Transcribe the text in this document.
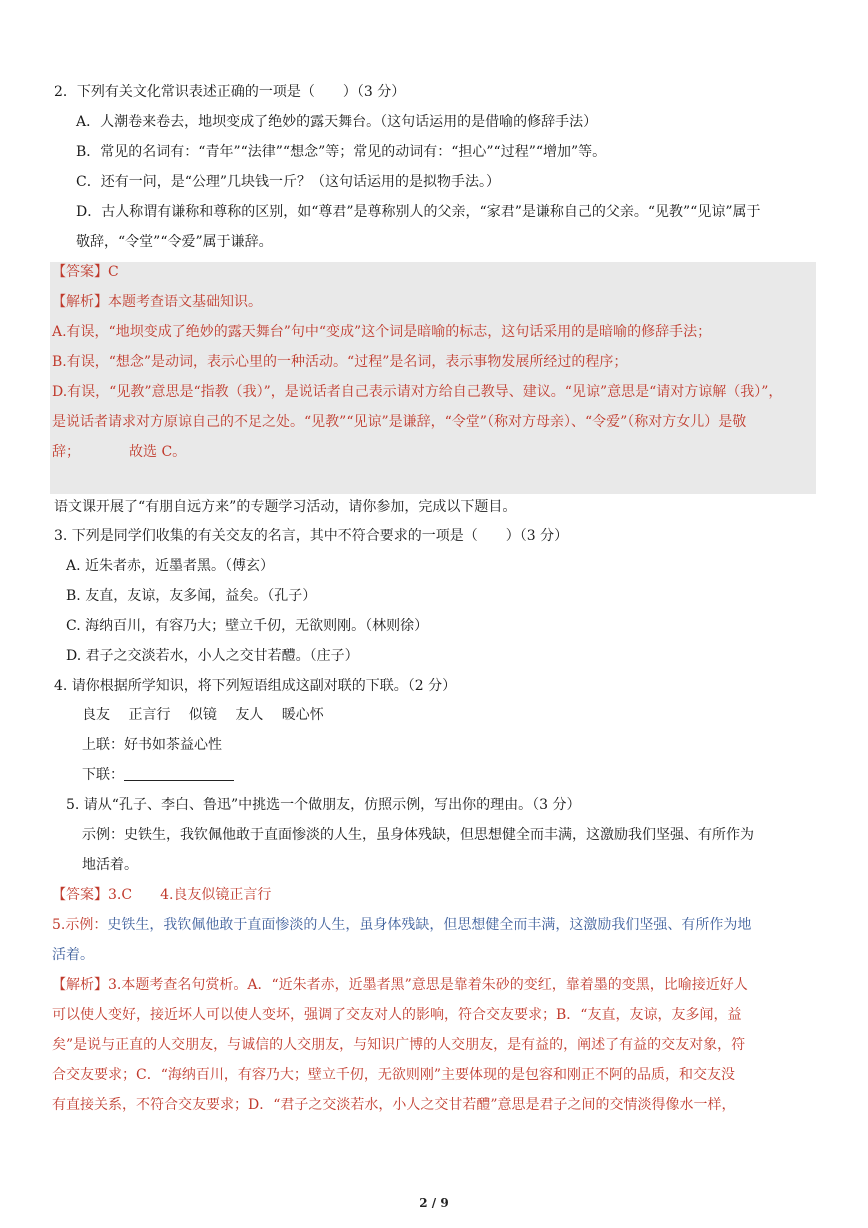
2．下列有关文化常识表述正确的一项是（　　）（3 分）
A．人潮卷来卷去，地坝变成了绝妙的露天舞台。（这句话运用的是借喻的修辞手法）
B．常见的名词有：“青年”“法律”“想念”等；常见的动词有：“担心”“过程”“增加”等。
C．还有一问，是“公理”几块钱一斤？（这句话运用的是拟物手法。）
D．古人称谓有谦称和尊称的区别，如“尊君”是尊称别人的父亲，“家君”是谦称自己的父亲。“见教”“见谅”属于
敬辞，“令堂”“令爱”属于谦辞。
【答案】C
【解析】本题考查语文基础知识。
A.有误，“地坝变成了绝妙的露天舞台”句中“变成”这个词是暗喻的标志，这句话采用的是暗喻的修辞手法；
B.有误，“想念”是动词，表示心里的一种活动。“过程”是名词，表示事物发展所经过的程序；
D.有误，“见教”意思是“指教（我）”，是说话者自己表示请对方给自己教导、建议。“见谅”意思是“请对方谅解（我）”，
是说话者请求对方原谅自己的不足之处。“见教”“见谅”是谦辞，“令堂”（称对方母亲）、“令爱”（称对方女儿）是敬
辞；　　　　故选 C。
语文课开展了“有朋自远方来”的专题学习活动，请你参加，完成以下题目。
3. 下列是同学们收集的有关交友的名言，其中不符合要求的一项是（　　）（3 分）
A. 近朱者赤，近墨者黑。（傅玄）
B. 友直，友谅，友多闻，益矣。（孔子）
C. 海纳百川，有容乃大；壁立千仞，无欲则刚。（林则徐）
D. 君子之交淡若水，小人之交甘若醴。（庄子）
4. 请你根据所学知识，将下列短语组成这副对联的下联。（2 分）
良友　 正言行　 似镜　 友人　 暖心怀
上联：好书如茶益心性
下联：
5. 请从“孔子、李白、鲁迅”中挑选一个做朋友，仿照示例，写出你的理由。（3 分）
示例：史铁生，我钦佩他敢于直面惨淡的人生，虽身体残缺，但思想健全而丰满，这激励我们坚强、有所作为
地活着。
【答案】3.C　　4.良友似镜正言行
5.示例：史铁生，我钦佩他敢于直面惨淡的人生，虽身体残缺，但思想健全而丰满，这激励我们坚强、有所作为地
活着。
【解析】3.本题考查名句赏析。A．“近朱者赤，近墨者黑”意思是靠着朱砂的变红，靠着墨的变黑，比喻接近好人
可以使人变好，接近坏人可以使人变坏，强调了交友对人的影响，符合交友要求；B．“友直，友谅，友多闻，益
矣”是说与正直的人交朋友，与诚信的人交朋友，与知识广博的人交朋友，是有益的，阐述了有益的交友对象，符
合交友要求；C．“海纳百川，有容乃大；壁立千仞，无欲则刚”主要体现的是包容和刚正不阿的品质，和交友没
有直接关系，不符合交友要求；D．“君子之交淡若水，小人之交甘若醴”意思是君子之间的交情淡得像水一样，
2 / 9
